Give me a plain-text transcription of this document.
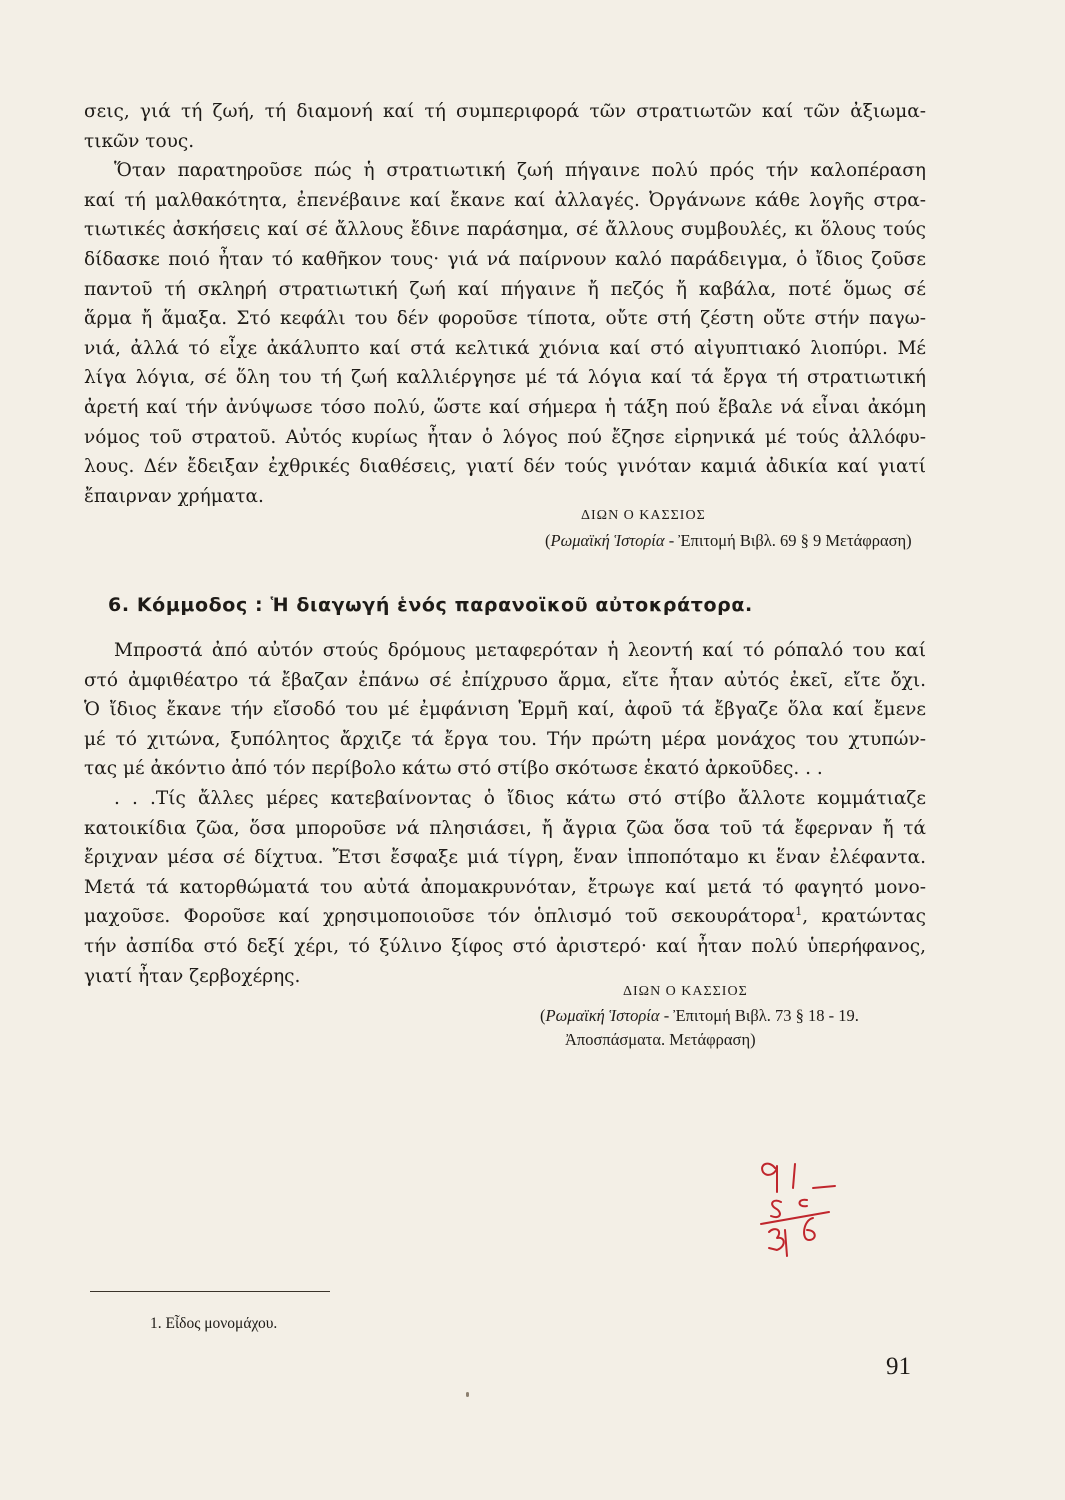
σεις, γιά τή ζωή, τή διαμονή καί τή συμπεριφορά τῶν στρατιωτῶν καί τῶν ἀξιωμα-
τικῶν τους.
Ὅταν παρατηροῦσε πώς ἡ στρατιωτική ζωή πήγαινε πολύ πρός τήν καλοπέραση
καί τή μαλθακότητα, ἐπενέβαινε καί ἔκανε καί ἀλλαγές. Ὀργάνωνε κάθε λογῆς στρα-
τιωτικές ἀσκήσεις καί σέ ἄλλους ἔδινε παράσημα, σέ ἄλλους συμβουλές, κι ὅλους τούς
δίδασκε ποιό ἦταν τό καθῆκον τους· γιά νά παίρνουν καλό παράδειγμα, ὁ ἴδιος ζοῦσε
παντοῦ τή σκληρή στρατιωτική ζωή καί πήγαινε ἤ πεζός ἤ καβάλα, ποτέ ὅμως σέ
ἅρμα ἤ ἅμαξα. Στό κεφάλι του δέν φοροῦσε τίποτα, οὔτε στή ζέστη οὔτε στήν παγω-
νιά, ἀλλά τό εἶχε ἀκάλυπτο καί στά κελτικά χιόνια καί στό αἰγυπτιακό λιοπύρι. Μέ
λίγα λόγια, σέ ὅλη του τή ζωή καλλιέργησε μέ τά λόγια καί τά ἔργα τή στρατιωτική
ἀρετή καί τήν ἀνύψωσε τόσο πολύ, ὥστε καί σήμερα ἡ τάξη πού ἔβαλε νά εἶναι ἀκόμη
νόμος τοῦ στρατοῦ. Αὐτός κυρίως ἦταν ὁ λόγος πού ἔζησε εἰρηνικά μέ τούς ἀλλόφυ-
λους. Δέν ἔδειξαν ἐχθρικές διαθέσεις, γιατί δέν τούς γινόταν καμιά ἀδικία καί γιατί
ἔπαιρναν χρήματα.
ΔΙΩΝ Ο ΚΑΣΣΙΟΣ
(Ρωμαϊκή Ἱστορία - Ἐπιτομή Βιβλ. 69 § 9 Μετάφραση)
6. Κόμμοδος : Ἡ διαγωγή ἑνός παρανοϊκοῦ αὐτοκράτορα.
Μπροστά ἀπό αὐτόν στούς δρόμους μεταφερόταν ἡ λεοντή καί τό ρόπαλό του καί
στό ἀμφιθέατρο τά ἔβαζαν ἐπάνω σέ ἐπίχρυσο ἅρμα, εἴτε ἦταν αὐτός ἐκεῖ, εἴτε ὄχι.
Ὁ ἴδιος ἔκανε τήν εἴσοδό του μέ ἐμφάνιση Ἑρμῆ καί, ἀφοῦ τά ἔβγαζε ὅλα καί ἔμενε
μέ τό χιτώνα, ξυπόλητος ἄρχιζε τά ἔργα του. Τήν πρώτη μέρα μονάχος του χτυπών-
τας μέ ἀκόντιο ἀπό τόν περίβολο κάτω στό στίβο σκότωσε ἑκατό ἀρκοῦδες. . .
. . .Τίς ἄλλες μέρες κατεβαίνοντας ὁ ἴδιος κάτω στό στίβο ἄλλοτε κομμάτιαζε
κατοικίδια ζῶα, ὅσα μποροῦσε νά πλησιάσει, ἤ ἄγρια ζῶα ὅσα τοῦ τά ἔφερναν ἤ τά
ἔριχναν μέσα σέ δίχτυα. Ἔτσι ἔσφαξε μιά τίγρη, ἕναν ἱπποπόταμο κι ἕναν ἐλέφαντα.
Μετά τά κατορθώματά του αὐτά ἀπομακρυνόταν, ἔτρωγε καί μετά τό φαγητό μονο-
μαχοῦσε. Φοροῦσε καί χρησιμοποιοῦσε τόν ὁπλισμό τοῦ σεκουράτορα$^1$, κρατώντας
τήν ἀσπίδα στό δεξί χέρι, τό ξύλινο ξίφος στό ἀριστερό· καί ἦταν πολύ ὑπερήφανος,
γιατί ἦταν ζερβοχέρης.
ΔΙΩΝ Ο ΚΑΣΣΙΟΣ
(Ρωμαϊκή Ἱστορία - Ἐπιτομή Βιβλ. 73 § 18 - 19.
Ἀποσπάσματα. Μετάφραση)
1. Εἶδος μονομάχου.
91
